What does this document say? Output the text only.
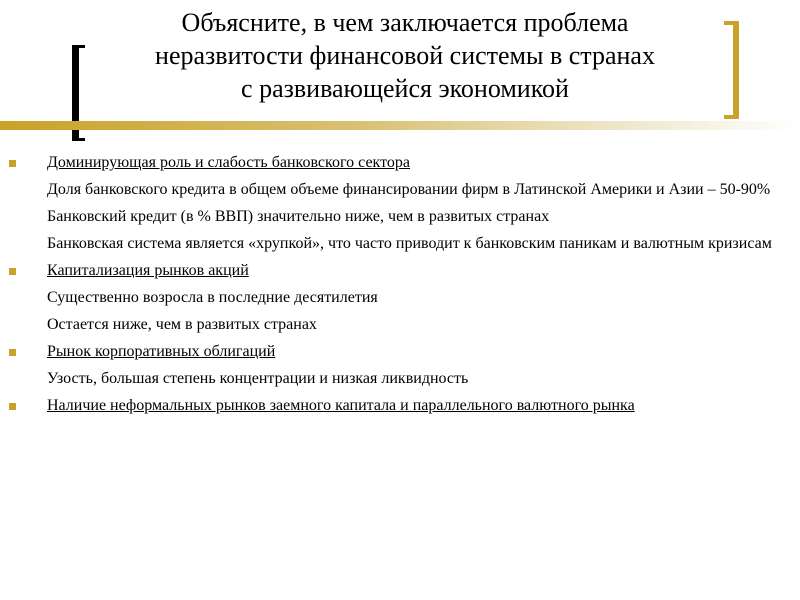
Объясните, в чем заключается проблема
неразвитости финансовой системы в странах
с развивающейся экономикой
Доминирующая роль и слабость банковского сектора
Доля банковского кредита в общем объеме финансировании фирм в Латинской Америки и Азии – 50-90%
Банковский кредит (в % ВВП) значительно ниже, чем в развитых странах
Банковская система является «хрупкой», что часто приводит к банковским паникам и валютным кризисам
Капитализация рынков акций
Существенно возросла в последние десятилетия
Остается ниже, чем в развитых странах
Рынок корпоративных облигаций
Узость, большая степень концентрации и низкая ликвидность
Наличие неформальных рынков заемного капитала и параллельного валютного рынка
